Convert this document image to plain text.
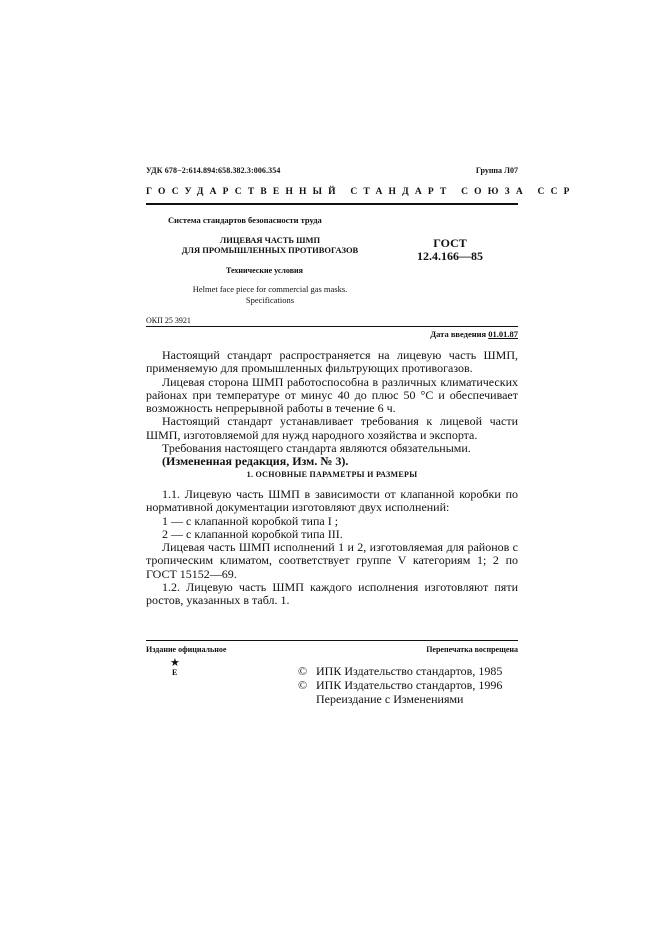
УДК 678−2:614.894:658.382.3:006.354	Группа Л07
ГОСУДАРСТВЕННЫЙ СТАНДАРТ СОЮЗА ССР
Система стандартов безопасности труда
ЛИЦЕВАЯ ЧАСТЬ ШМП
ДЛЯ ПРОМЫШЛЕННЫХ ПРОТИВОГАЗОВ	ГОСТ
12.4.166—85
Технические условия
Helmet face piece for commercial gas masks.
Specifications
ОКП 25 3921
Дата введения 01.01.87

Настоящий стандарт распространяется на лицевую часть ШМП, применяемую для промышленных фильтрующих противогазов.

Лицевая сторона ШМП работоспособна в различных климатических районах при температуре от минус 40 до плюс 50 °С и обеспечивает возможность непрерывной работы в течение 6 ч.

Настоящий стандарт устанавливает требования к лицевой части ШМП, изготовляемой для нужд народного хозяйства и экспорта.

Требования настоящего стандарта являются обязательными.

(Измененная редакция, Изм. № 3).

1. ОСНОВНЫЕ ПАРАМЕТРЫ И РАЗМЕРЫ

1.1. Лицевую часть ШМП в зависимости от клапанной коробки по нормативной документации изготовляют двух исполнений:

1 — с клапанной коробкой типа I ;

2 — с клапанной коробкой типа III.

Лицевая часть ШМП исполнений 1 и 2, изготовляемая для районов с тропическим климатом, соответствует группе V категориям 1; 2 по ГОСТ 15152—69.

1.2. Лицевую часть ШМП каждого исполнения изготовляют пяти ростов, указанных в табл. 1.

Издание официальное	Перепечатка воспрещена
★
Е	© ИПК Издательство стандартов, 1985
© ИПК Издательство стандартов, 1996
Переиздание с Изменениями
